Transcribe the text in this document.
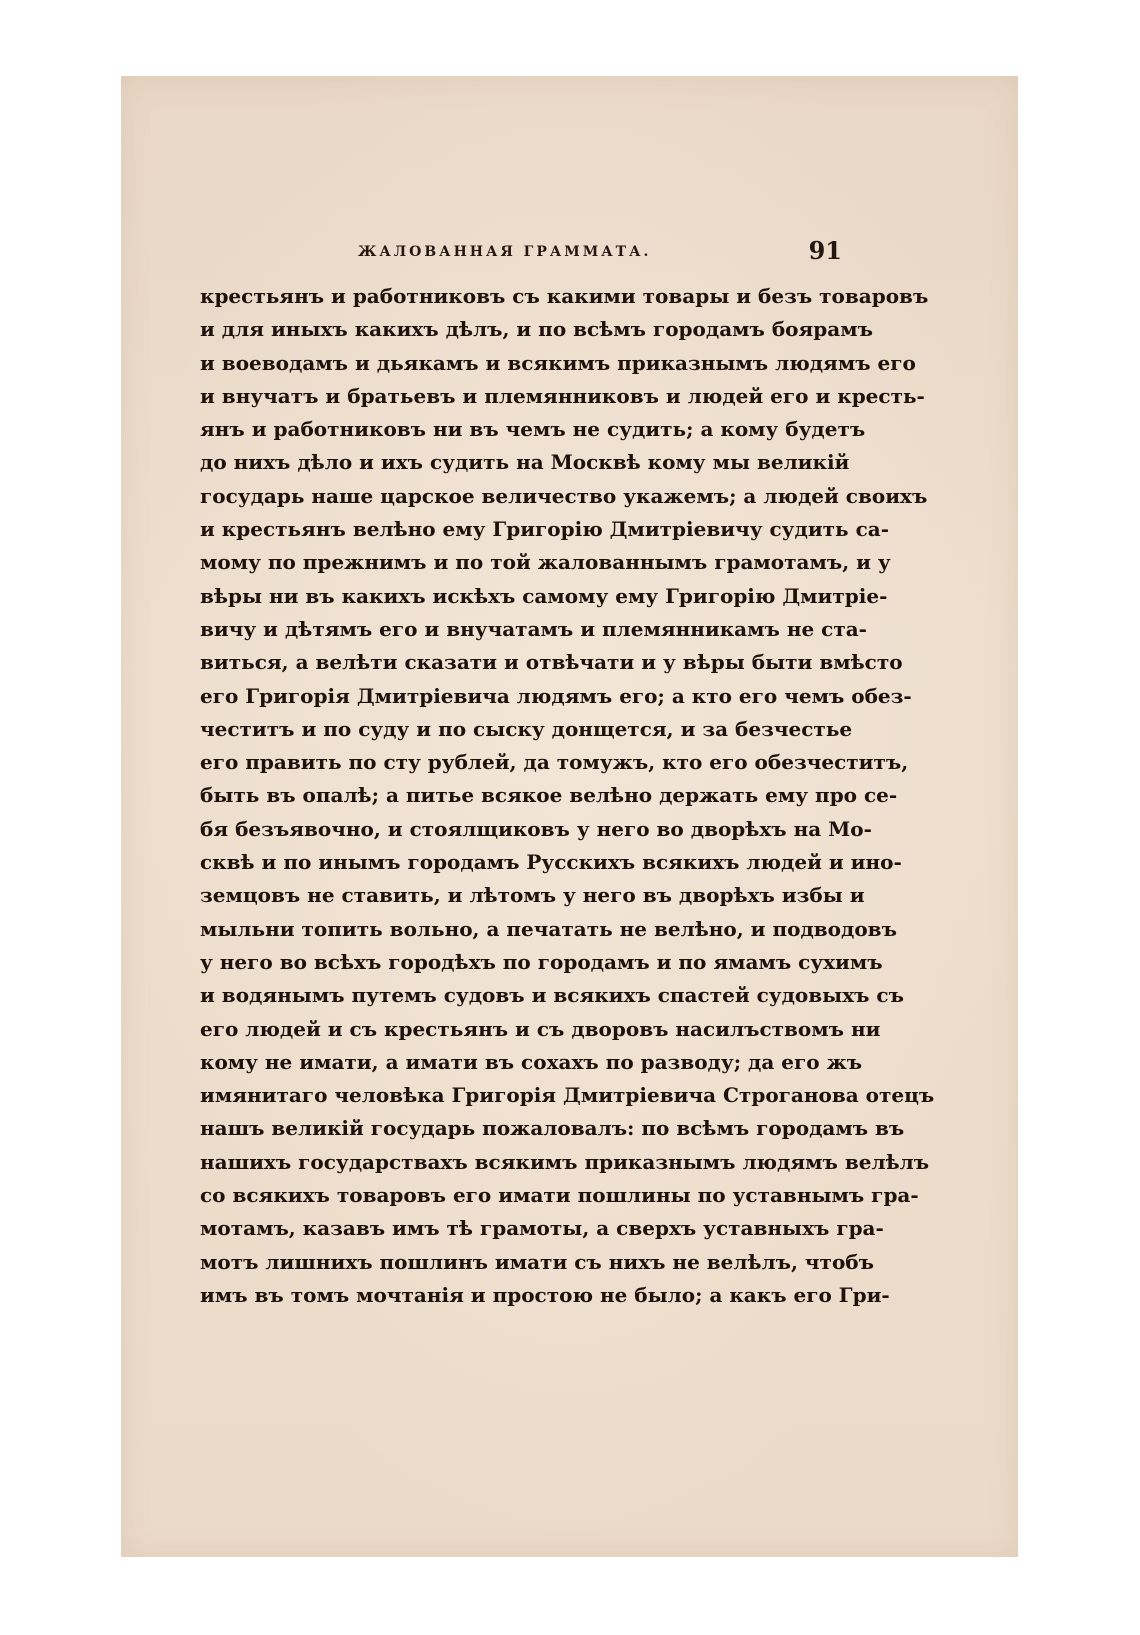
ЖАЛОВАННАЯ ГРАММАТА.	91
крестьянъ и работниковъ съ какими товары и безъ товаровъ
и для иныхъ какихъ дѣлъ, и по всѣмъ городамъ боярамъ
и воеводамъ и дьякамъ и всякимъ приказнымъ людямъ его
и внучатъ и братьевъ и племянниковъ и людей его и кресть-
янъ и работниковъ ни въ чемъ не судить; а кому будетъ
до нихъ дѣло и ихъ судить на Москвѣ кому мы великій
государь наше царское величество укажемъ; а людей своихъ
и крестьянъ велѣно ему Григорію Дмитріевичу судить са-
мому по прежнимъ и по той жалованнымъ грамотамъ, и у
вѣры ни въ какихъ искѣхъ самому ему Григорію Дмитріе-
вичу и дѣтямъ его и внучатамъ и племянникамъ не ста-
виться, а велѣти сказати и отвѣчати и у вѣры быти вмѣсто
его Григорія Дмитріевича людямъ его; а кто его чемъ обез-
честитъ и по суду и по сыску донщется, и за безчестье
его править по сту рублей, да томужъ, кто его обезчеститъ,
быть въ опалѣ; а питье всякое велѣно держать ему про се-
бя безъявочно, и стоялщиковъ у него во дворѣхъ на Мо-
сквѣ и по инымъ городамъ Русскихъ всякихъ людей и ино-
земцовъ не ставить, и лѣтомъ у него въ дворѣхъ избы и
мыльни топить вольно, а печатать не велѣно, и подводовъ
у него во всѣхъ городѣхъ по городамъ и по ямамъ сухимъ
и водянымъ путемъ судовъ и всякихъ спастей судовыхъ съ
его людей и съ крестьянъ и съ дворовъ насилъствомъ ни
кому не имати, а имати въ сохахъ по разводу; да его жъ
имянитаго человѣка Григорія Дмитріевича Строганова отецъ
нашъ великій государь пожаловалъ: по всѣмъ городамъ въ
нашихъ государствахъ всякимъ приказнымъ людямъ велѣлъ
со всякихъ товаровъ его имати пошлины по уставнымъ гра-
мотамъ, казавъ имъ тѣ грамоты, а сверхъ уставныхъ гра-
мотъ лишнихъ пошлинъ имати съ нихъ не велѣлъ, чтобъ
имъ въ томъ мочтанія и простою не было; а какъ его Гри-
